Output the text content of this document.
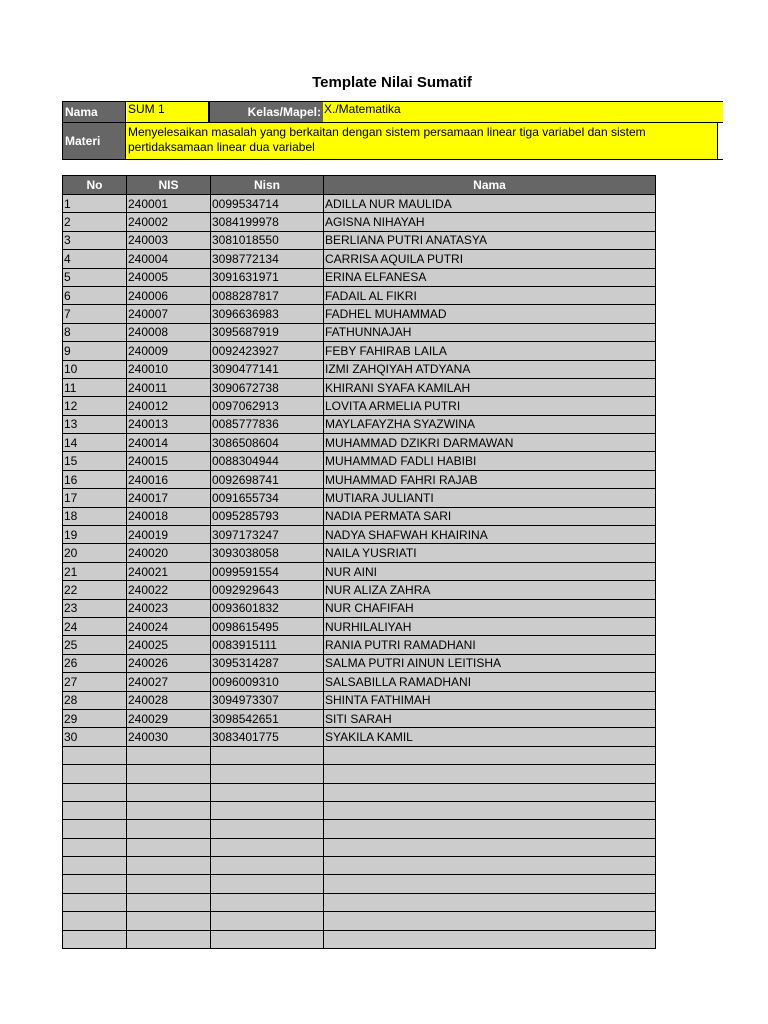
Template Nilai Sumatif
Nama	SUM 1	Kelas/Mapel: X./Matematika
Materi
Menyelesaikan masalah yang berkaitan dengan sistem persamaan linear tiga variabel dan sistem
pertidaksamaan linear dua variabel
No	NIS	Nisn	Nama
1	240001	0099534714	ADILLA NUR MAULIDA
2	240002	3084199978	AGISNA NIHAYAH
3	240003	3081018550	BERLIANA PUTRI ANATASYA
4	240004	3098772134	CARRISA AQUILA PUTRI
5	240005	3091631971	ERINA ELFANESA
6	240006	0088287817	FADAIL AL FIKRI
7	240007	3096636983	FADHEL MUHAMMAD
8	240008	3095687919	FATHUNNAJAH
9	240009	0092423927	FEBY FAHIRAB LAILA
10	240010	3090477141	IZMI ZAHQIYAH ATDYANA
11	240011	3090672738	KHIRANI SYAFA KAMILAH
12	240012	0097062913	LOVITA ARMELIA PUTRI
13	240013	0085777836	MAYLAFAYZHA SYAZWINA
14	240014	3086508604	MUHAMMAD DZIKRI DARMAWAN
15	240015	0088304944	MUHAMMAD FADLI HABIBI
16	240016	0092698741	MUHAMMAD FAHRI RAJAB
17	240017	0091655734	MUTIARA JULIANTI
18	240018	0095285793	NADIA PERMATA SARI
19	240019	3097173247	NADYA SHAFWAH KHAIRINA
20	240020	3093038058	NAILA YUSRIATI
21	240021	0099591554	NUR AINI
22	240022	0092929643	NUR ALIZA ZAHRA
23	240023	0093601832	NUR CHAFIFAH
24	240024	0098615495	NURHILALIYAH
25	240025	0083915111	RANIA PUTRI RAMADHANI
26	240026	3095314287	SALMA PUTRI AINUN LEITISHA
27	240027	0096009310	SALSABILLA RAMADHANI
28	240028	3094973307	SHINTA FATHIMAH
29	240029	3098542651	SITI SARAH
30	240030	3083401775	SYAKILA KAMIL
